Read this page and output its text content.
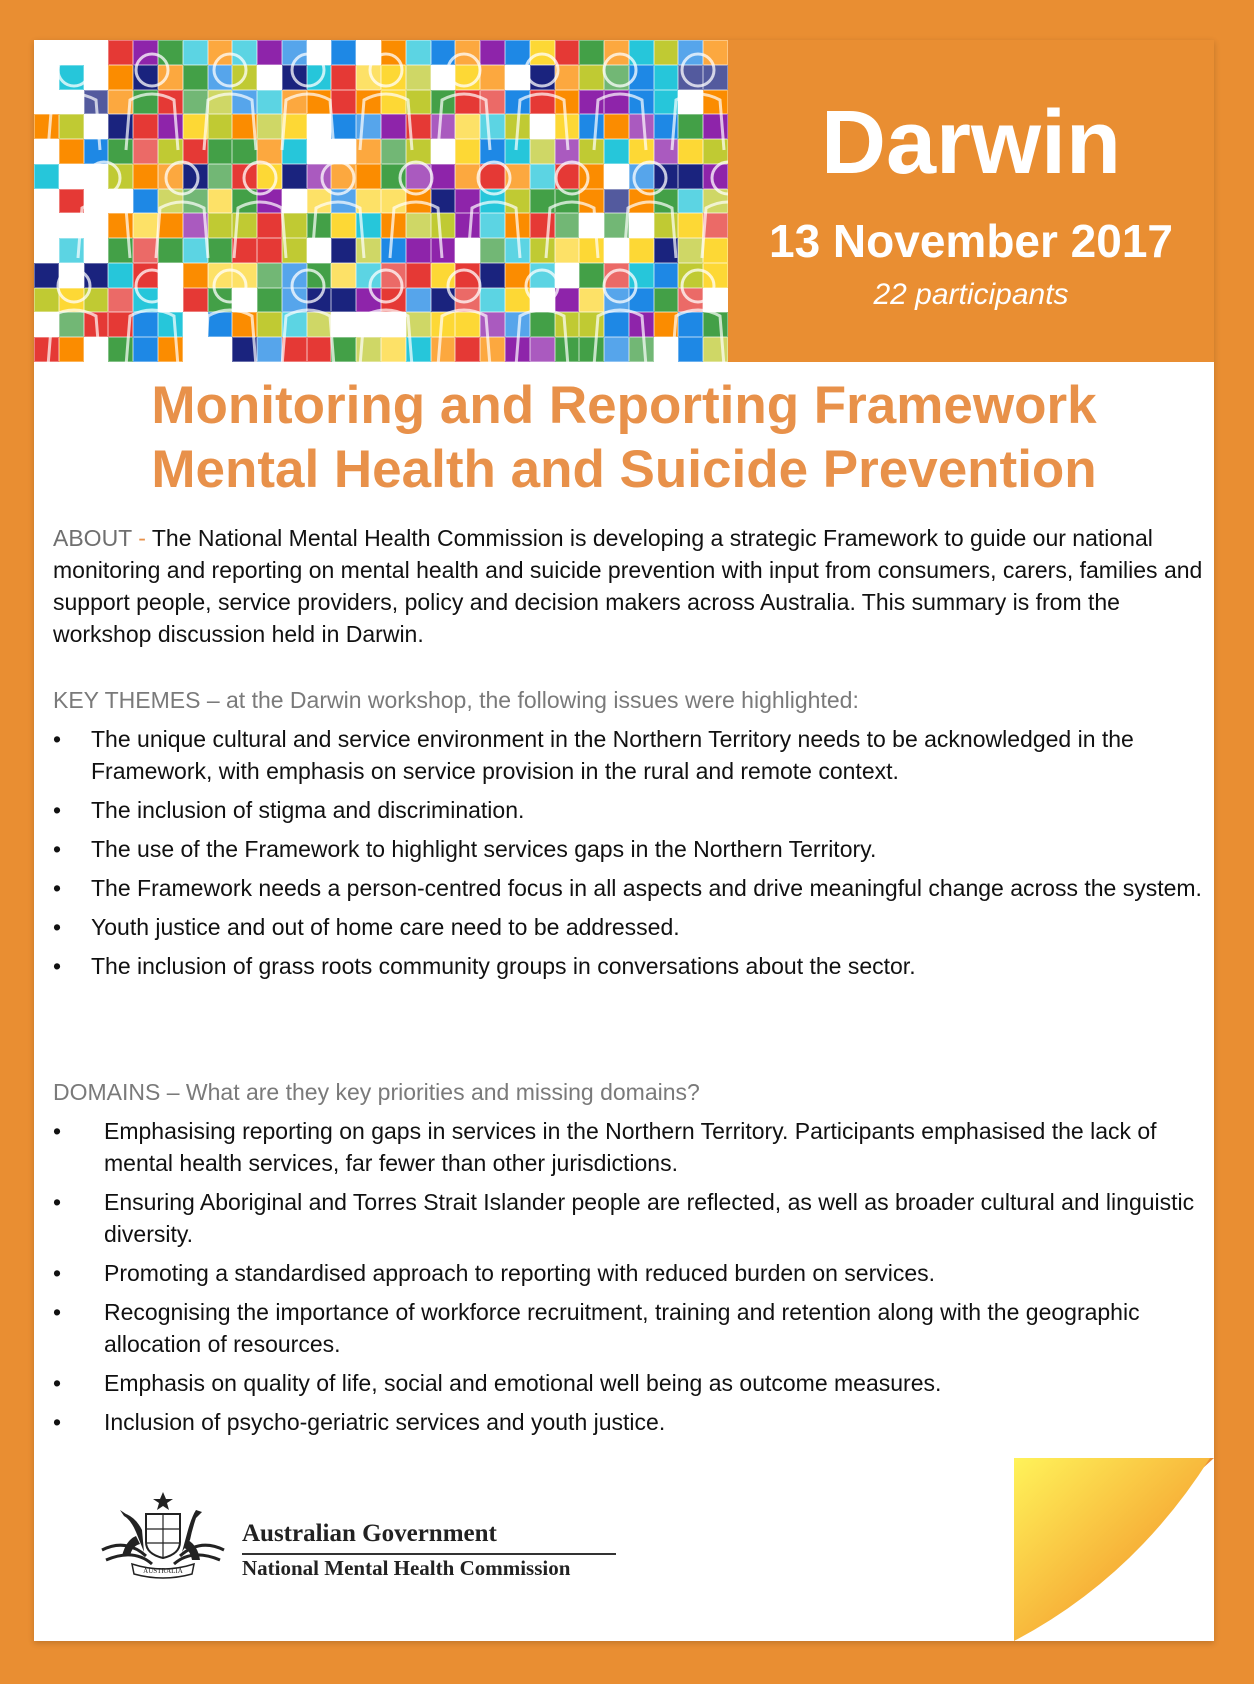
Darwin
13 November 2017
22 participants
Monitoring and Reporting Framework
Mental Health and Suicide Prevention
ABOUT - The National Mental Health Commission is developing a strategic Framework to guide our national monitoring and reporting on mental health and suicide prevention with input from consumers, carers, families and support people, service providers, policy and decision makers across Australia. This summary is from the workshop discussion held in Darwin.
KEY THEMES – at the Darwin workshop, the following issues were highlighted:
• The unique cultural and service environment in the Northern Territory needs to be acknowledged in the Framework, with emphasis on service provision in the rural and remote context.
• The inclusion of stigma and discrimination.
• The use of the Framework to highlight services gaps in the Northern Territory.
• The Framework needs a person-centred focus in all aspects and drive meaningful change across the system.
• Youth justice and out of home care need to be addressed.
• The inclusion of grass roots community groups in conversations about the sector.
DOMAINS – What are they key priorities and missing domains?
• Emphasising reporting on gaps in services in the Northern Territory. Participants emphasised the lack of mental health services, far fewer than other jurisdictions.
• Ensuring Aboriginal and Torres Strait Islander people are reflected, as well as broader cultural and linguistic diversity.
• Promoting a standardised approach to reporting with reduced burden on services.
• Recognising the importance of workforce recruitment, training and retention along with the geographic allocation of resources.
• Emphasis on quality of life, social and emotional well being as outcome measures.
• Inclusion of psycho-geriatric services and youth justice.
AUSTRALIA
Australian Government
National Mental Health Commission
